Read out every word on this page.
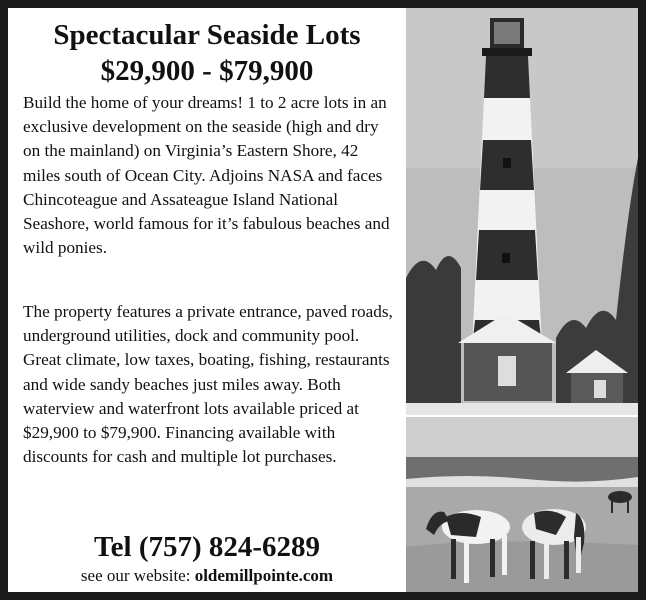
Spectacular Seaside Lots
$29,900 - $79,900
Build the home of your dreams! 1 to 2 acre lots in an exclusive development on the seaside (high and dry on the mainland) on Virginia’s Eastern Shore, 42 miles south of Ocean City. Adjoins NASA and faces Chincoteague and Assateague Island National Seashore, world famous for it’s fabulous beaches and wild ponies.
The property features a private entrance, paved roads, underground utilities, dock and community pool. Great climate, low taxes, boating, fishing, restaurants and wide sandy beaches just miles away. Both waterview and waterfront lots available priced at $29,900 to $79,900. Financing available with discounts for cash and multiple lot purchases.
Tel (757) 824-6289
see our website: oldemillpointe.com
